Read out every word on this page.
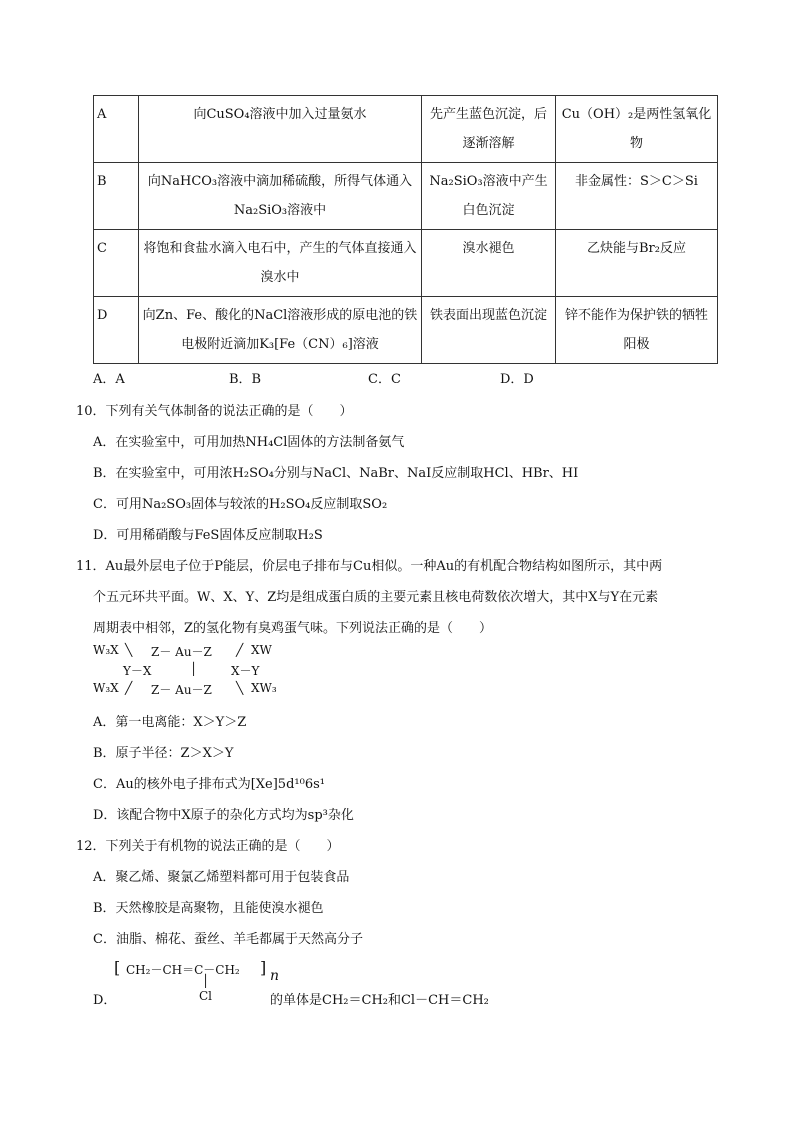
A	向CuSO₄溶液中加入过量氨水	先产生蓝色沉淀，后逐渐溶解	Cu（OH）₂是两性氢氧化物
B	向NaHCO₃溶液中滴加稀硫酸，所得气体通入Na₂SiO₃溶液中	Na₂SiO₃溶液中产生白色沉淀	非金属性：S＞C＞Si
C	将饱和食盐水滴入电石中，产生的气体直接通入溴水中	溴水褪色	乙炔能与Br₂反应
D	向Zn、Fe、酸化的NaCl溶液形成的原电池的铁电极附近滴加K₃[Fe（CN）₆]溶液	铁表面出现蓝色沉淀	锌不能作为保护铁的牺牲阳极
A．A	B．B	C．C	D．D
10．下列有关气体制备的说法正确的是（　　）
A．在实验室中，可用加热NH₄Cl固体的方法制备氨气
B．在实验室中，可用浓H₂SO₄分别与NaCl、NaBr、NaI反应制取HCl、HBr、HI
C．可用Na₂SO₃固体与较浓的H₂SO₄反应制取SO₂
D．可用稀硝酸与FeS固体反应制取H₂S
11．Au最外层电子位于P能层，价层电子排布与Cu相似。一种Au的有机配合物结构如图所示，其中两
个五元环共平面。W、X、Y、Z均是组成蛋白质的主要元素且核电荷数依次增大，其中X与Y在元素
周期表中相邻，Z的氢化物有臭鸡蛋气味。下列说法正确的是（　　）
W₃X ╲ Z－ Au－Z ╱ XW
Y－X	│	X－Y
W₃X ╱ Z－ Au－Z ╲ XW₃
A．第一电离能：X＞Y＞Z
B．原子半径：Z＞X＞Y
C．Au的核外电子排布式为[Xe]5d¹⁰6s¹
D．该配合物中X原子的杂化方式均为sp³杂化
12．下列关于有机物的说法正确的是（　　）
A．聚乙烯、聚氯乙烯塑料都可用于包装食品
B．天然橡胶是高聚物，且能使溴水褪色
C．油脂、棉花、蚕丝、羊毛都属于天然高分子
[ CH₂－CH＝C－CH₂ ] n
│
Cl
D．	的单体是CH₂＝CH₂和Cl－CH＝CH₂
